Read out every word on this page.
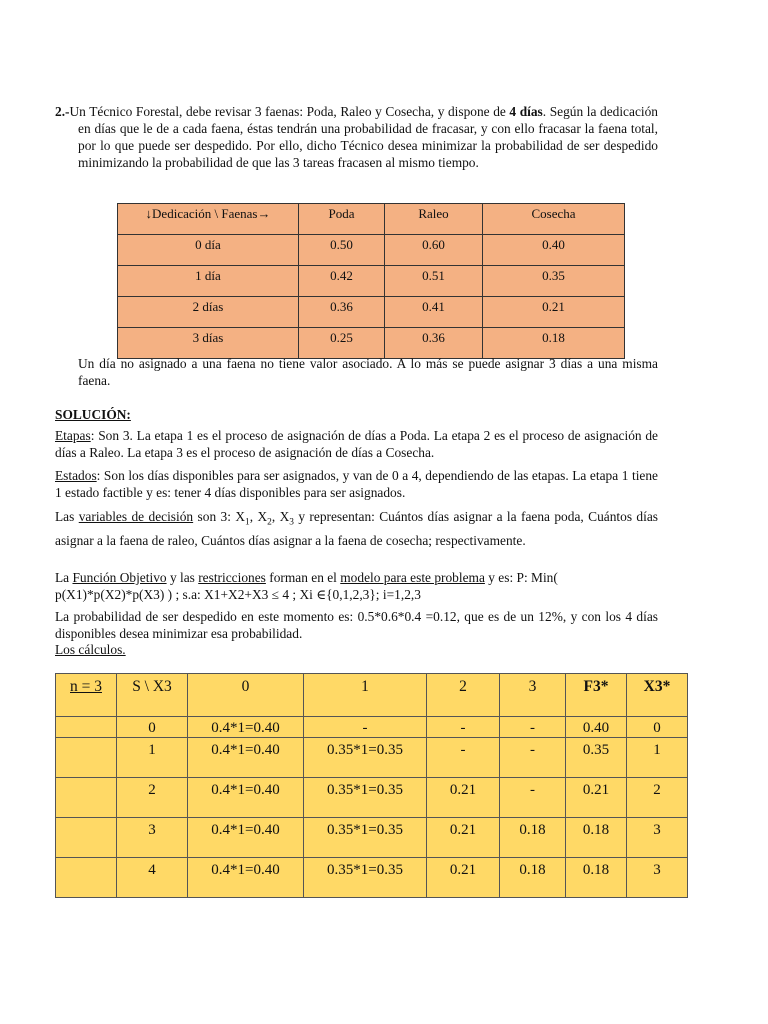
2.-Un Técnico Forestal, debe revisar 3 faenas: Poda, Raleo y Cosecha, y dispone de 4 días. Según la dedicación en días que le de a cada faena, éstas tendrán una probabilidad de fracasar, y con ello fracasar la faena total, por lo que puede ser despedido. Por ello, dicho Técnico desea minimizar la probabilidad de ser despedido minimizando la probabilidad de que las 3 tareas fracasen al mismo tiempo.
↓Dedicación \ Faenas→	Poda	Raleo	Cosecha
0 día	0.50	0.60	0.40
1 día	0.42	0.51	0.35
2 días	0.36	0.41	0.21
3 días	0.25	0.36	0.18
Un día no asignado a una faena no tiene valor asociado. A lo más se puede asignar 3 días a una misma faena.
SOLUCIÓN:
Etapas: Son 3. La etapa 1 es el proceso de asignación de días a Poda. La etapa 2 es el proceso de asignación de días a Raleo. La etapa 3 es el proceso de asignación de días a Cosecha.
Estados: Son los días disponibles para ser asignados, y van de 0 a 4, dependiendo de las etapas. La etapa 1 tiene 1 estado factible y es: tener 4 días disponibles para ser asignados.
Las variables de decisión son 3: $X_1$, $X_2$, $X_3$ y representan: Cuántos días asignar a la faena poda, Cuántos días asignar a la faena de raleo, Cuántos días asignar a la faena de cosecha; respectivamente.
La Función Objetivo y las restricciones forman en el modelo para este problema y es: P: Min(
p(X1)*p(X2)*p(X3) ) ; s.a: X1+X2+X3 ≤ 4 ; Xi ∈{0,1,2,3}; i=1,2,3
La probabilidad de ser despedido en este momento es: 0.5*0.6*0.4 =0.12, que es de un 12%, y con los 4 días disponibles desea minimizar esa probabilidad.
Los cálculos.
n = 3	S \ X3	0	1	2	3	F3*	X3*
	0	0.4*1=0.40	-	-	-	0.40	0
	1	0.4*1=0.40	0.35*1=0.35	-	-	0.35	1
	2	0.4*1=0.40	0.35*1=0.35	0.21	-	0.21	2
	3	0.4*1=0.40	0.35*1=0.35	0.21	0.18	0.18	3
	4	0.4*1=0.40	0.35*1=0.35	0.21	0.18	0.18	3
